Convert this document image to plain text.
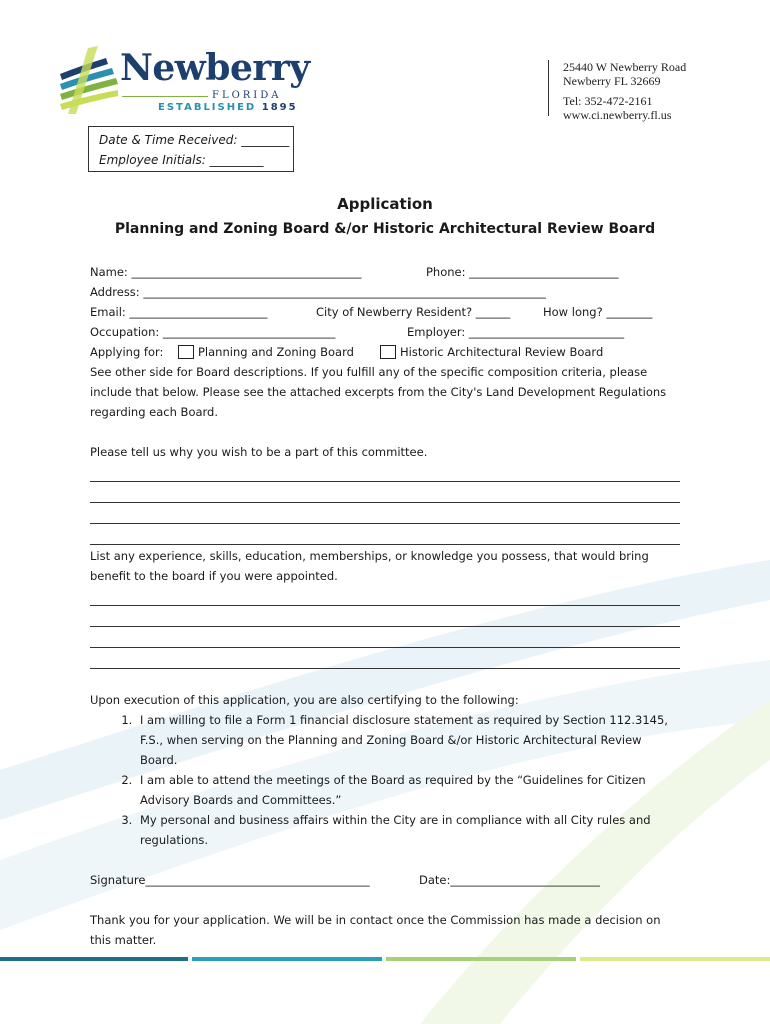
Newberry
FLORIDA
ESTABLISHED 1895
25440 W Newberry Road
Newberry FL 32669
Tel: 352-472-2161
www.ci.newberry.fl.us
Date & Time Received: ________
Employee Initials: _________
Application
Planning and Zoning Board &/or Historic Architectural Review Board
Name: ________________________________________	Phone: __________________________
Address: ______________________________________________________________________
Email: ________________________	City of Newberry Resident? ______	How long? ________
Occupation: ______________________________	Employer: ___________________________
Applying for:	Planning and Zoning Board	Historic Architectural Review Board
See other side for Board descriptions. If you fulfill any of the specific composition criteria, please include that below. Please see the attached excerpts from the City's Land Development Regulations regarding each Board.
Please tell us why you wish to be a part of this committee.
List any experience, skills, education, memberships, or knowledge you possess, that would bring benefit to the board if you were appointed.
Upon execution of this application, you are also certifying to the following:
1. I am willing to file a Form 1 financial disclosure statement as required by Section 112.3145, F.S., when serving on the Planning and Zoning Board &/or Historic Architectural Review Board.
2. I am able to attend the meetings of the Board as required by the “Guidelines for Citizen Advisory Boards and Committees.”
3. My personal and business affairs within the City are in compliance with all City rules and regulations.
Signature_______________________________________	Date:__________________________
Thank you for your application. We will be in contact once the Commission has made a decision on this matter.
